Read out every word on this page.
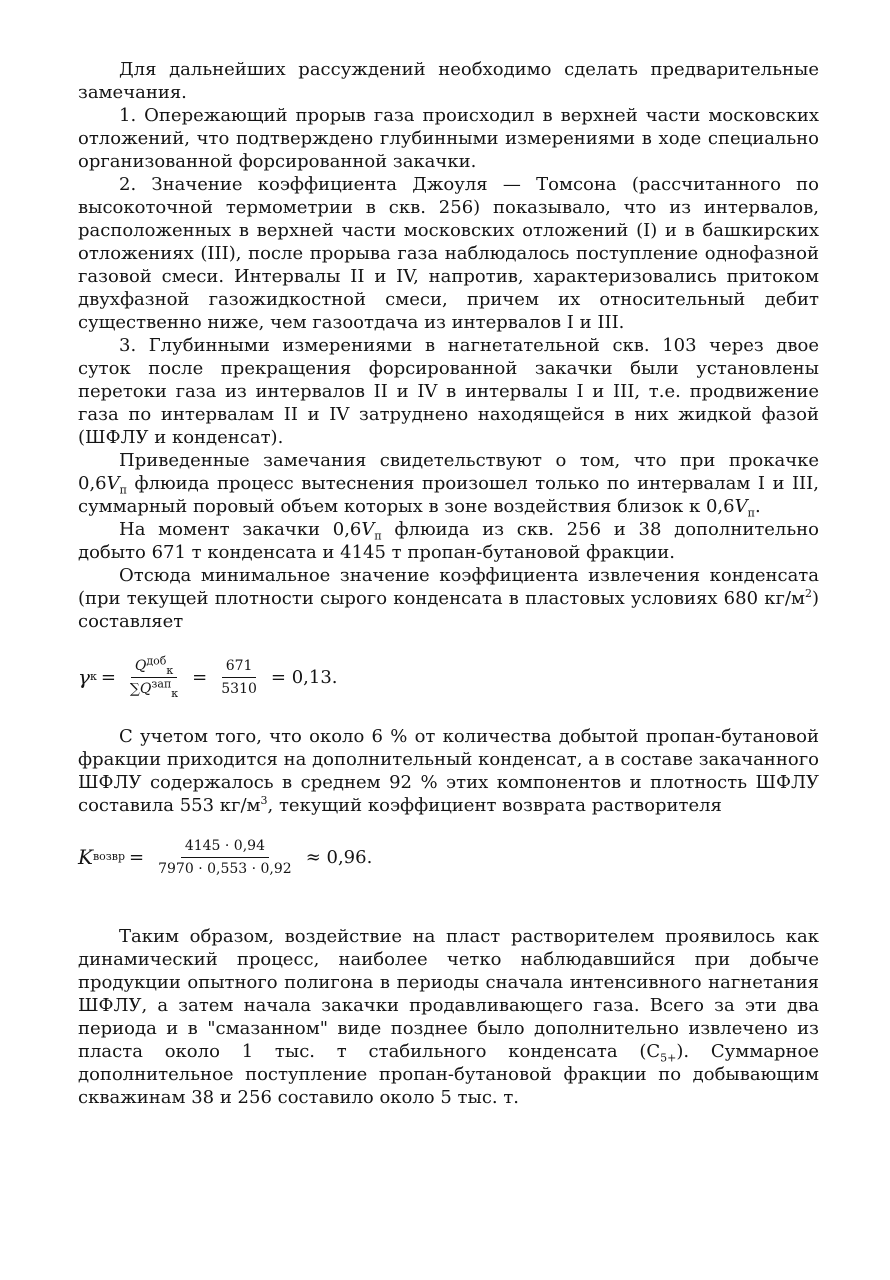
Для дальнейших рассуждений необходимо сделать предварительные замечания.

1. Опережающий прорыв газа происходил в верхней части московских отложений, что подтверждено глубинными измерениями в ходе специально организованной форсированной закачки.

2. Значение коэффициента Джоуля — Томсона (рассчитанного по высокоточной термометрии в скв. 256) показывало, что из интервалов, расположенных в верхней части московских отложений (I) и в башкирских отложениях (III), после прорыва газа наблюдалось поступление однофазной газовой смеси. Интервалы II и IV, напротив, характеризовались притоком двухфазной газожидкостной смеси, причем их относительный дебит существенно ниже, чем газоотдача из интервалов I и III.

3. Глубинными измерениями в нагнетательной скв. 103 через двое суток после прекращения форсированной закачки были установлены перетоки газа из интервалов II и IV в интервалы I и III, т.е. продвижение газа по интервалам II и IV затруднено находящейся в них жидкой фазой (ШФЛУ и конденсат).

Приведенные замечания свидетельствуют о том, что при прокачке $0,6V_п$ флюида процесс вытеснения произошел только по интервалам I и III, суммарный поровый объем которых в зоне воздействия близок к $0,6V_п$.

На момент закачки $0,6V_п$ флюида из скв. 256 и 38 дополнительно добыто 671 т конденсата и 4145 т пропан-бутановой фракции.

Отсюда минимальное значение коэффициента извлечения конденсата (при текущей плотности сырого конденсата в пластовых условиях 680 $кг/м^2$) составляет

γ $к = \frac{Q^{доб}_к}{\sum Q^{зап}_к} = \frac{671}{5310} = 0,13$.

С учетом того, что около 6 % от количества добытой пропан-бутановой фракции приходится на дополнительный конденсат, а в составе закачанного ШФЛУ содержалось в среднем 92 % этих компонентов и плотность ШФЛУ составила 553 $кг/м^3$, текущий коэффициент возврата растворителя

K возвр = $\frac{4145 \cdot 0,94}{7970 \cdot 0,553 \cdot 0,92} \approx 0,96$.

Таким образом, воздействие на пласт растворителем проявилось как динамический процесс, наиболее четко наблюдавшийся при добыче продукции опытного полигона в периоды сначала интенсивного нагнетания ШФЛУ, а затем начала закачки продавливающего газа. Всего за эти два периода и в "смазанном" виде позднее было дополнительно извлечено из пласта около 1 тыс. т стабильного конденсата $(C_{5+})$. Суммарное дополнительное поступление пропан-бутановой фракции по добывающим скважинам 38 и 256 составило около 5 тыс. т.
